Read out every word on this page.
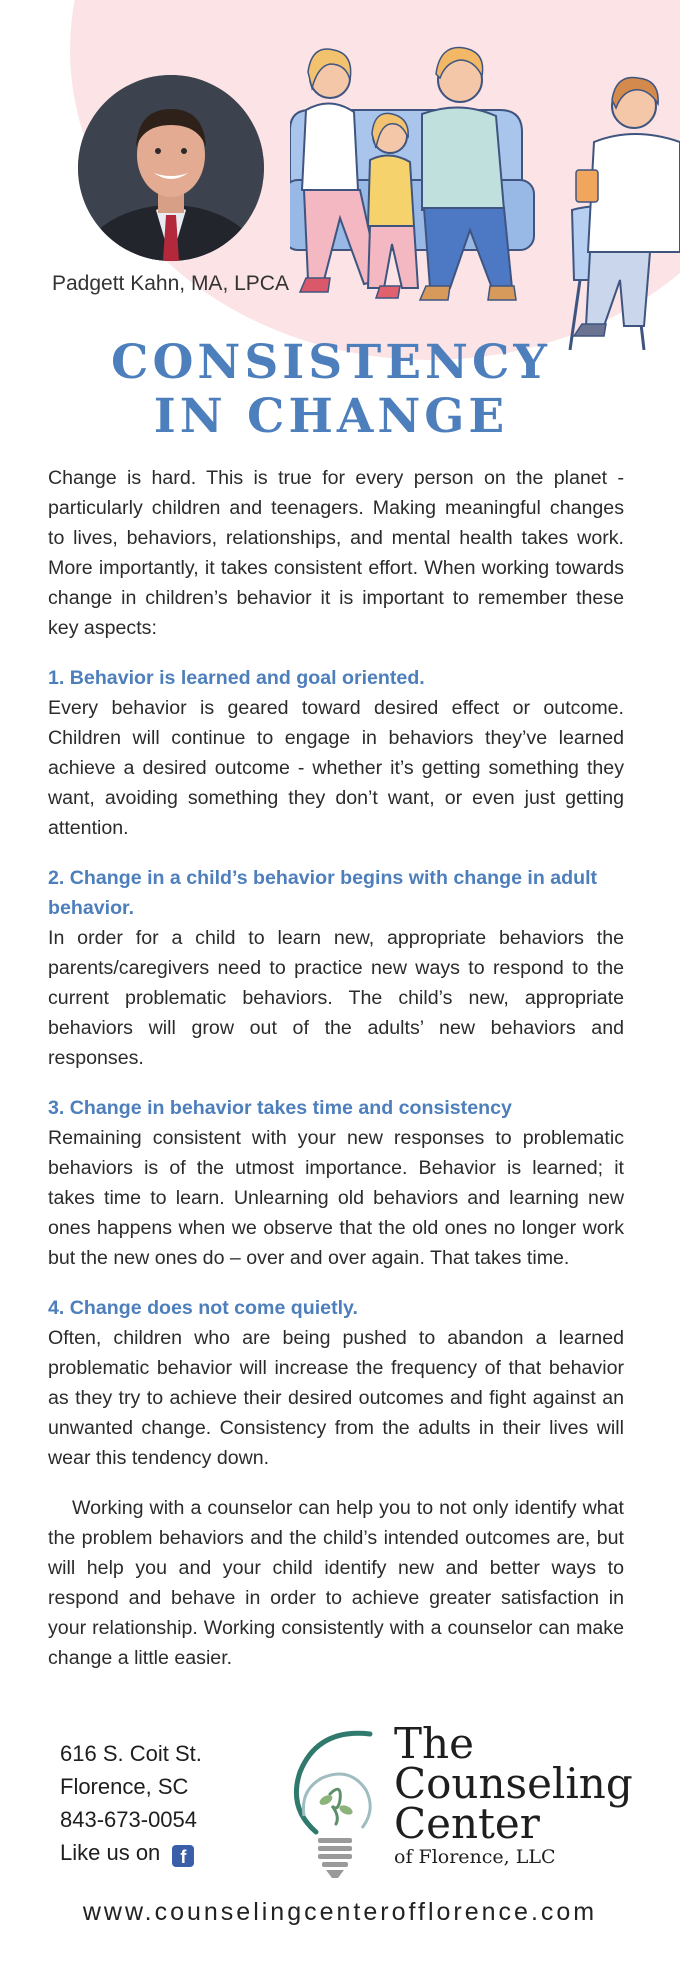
Padgett Kahn, MA, LPCA
CONSISTENCY
IN CHANGE

Change is hard. This is true for every person on the planet - particularly children and teenagers. Making meaningful changes to lives, behaviors, relationships, and mental health takes work. More importantly, it takes consistent effort. When working towards change in children’s behavior it is important to remember these key aspects:

1. Behavior is learned and goal oriented.

Every behavior is geared toward desired effect or outcome. Children will continue to engage in behaviors they’ve learned achieve a desired outcome - whether it’s getting something they want, avoiding something they don’t want, or even just getting attention.

2. Change in a child’s behavior begins with change in adult behavior.

In order for a child to learn new, appropriate behaviors the parents/caregivers need to practice new ways to respond to the current problematic behaviors. The child’s new, appropriate behaviors will grow out of the adults’ new behaviors and responses.

3. Change in behavior takes time and consistency

Remaining consistent with your new responses to problematic behaviors is of the utmost importance. Behavior is learned; it takes time to learn. Unlearning old behaviors and learning new ones happens when we observe that the old ones no longer work but the new ones do – over and over again. That takes time.

4. Change does not come quietly.

Often, children who are being pushed to abandon a learned problematic behavior will increase the frequency of that behavior as they try to achieve their desired outcomes and fight against an unwanted change. Consistency from the adults in their lives will wear this tendency down.

Working with a counselor can help you to not only identify what the problem behaviors and the child’s intended outcomes are, but will help you and your child identify new and better ways to respond and behave in order to achieve greater satisfaction in your relationship. Working consistently with a counselor can make change a little easier.

616 S. Coit St.
Florence, SC
843-673-0054
Like us on f
The
Counseling
Center
of Florence, LLC
www.counselingcenterofflorence.com
